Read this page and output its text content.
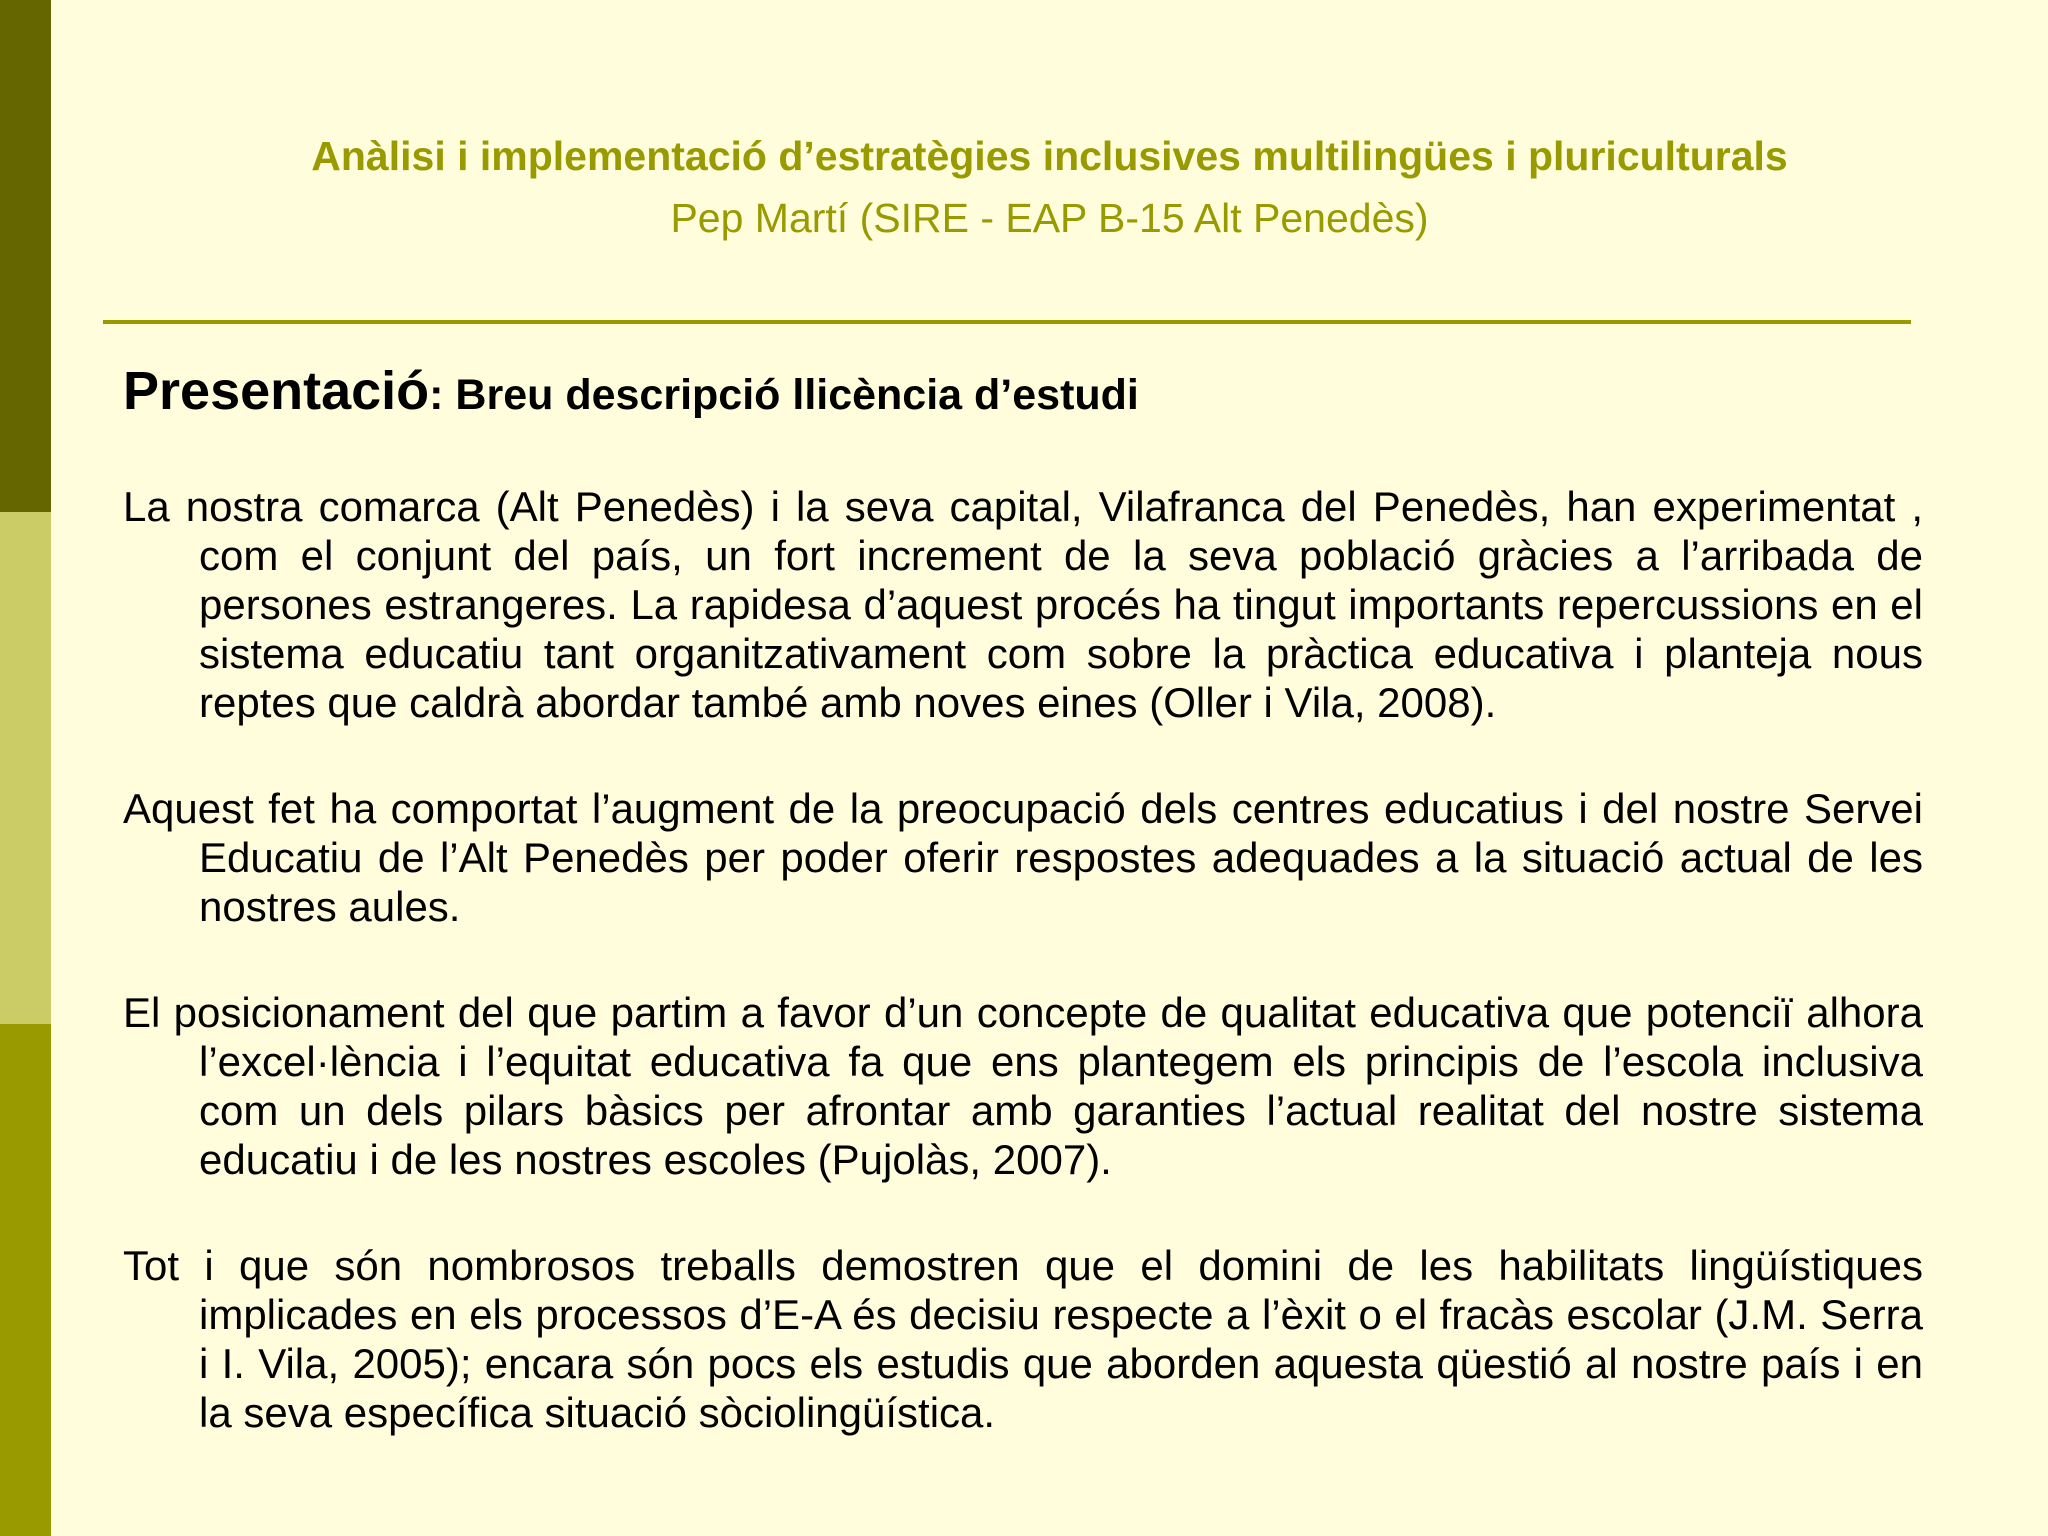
Anàlisi i implementació d’estratègies inclusives multilingües i pluriculturals
Pep Martí (SIRE - EAP B-15 Alt Penedès)
Presentació: Breu descripció llicència d’estudi

La nostra comarca (Alt Penedès) i la seva capital, Vilafranca del Penedès, han experimentat , com el conjunt del país, un fort increment de la seva població gràcies a l’arribada de persones estrangeres. La rapidesa d’aquest procés ha tingut importants repercussions en el sistema educatiu tant organitzativament com sobre la pràctica educativa i planteja nous reptes que caldrà abordar també amb noves eines (Oller i Vila, 2008).

Aquest fet ha comportat l’augment de la preocupació dels centres educatius i del nostre Servei Educatiu de l’Alt Penedès per poder oferir respostes adequades a la situació actual de les nostres aules.

El posicionament del que partim a favor d’un concepte de qualitat educativa que potenciï alhora l’excel·lència i l’equitat educativa fa que ens plantegem els principis de l’escola inclusiva com un dels pilars bàsics per afrontar amb garanties l’actual realitat del nostre sistema educatiu i de les nostres escoles (Pujolàs, 2007).

Tot i que són nombrosos treballs demostren que el domini de les habilitats lingüístiques implicades en els processos d’E-A és decisiu respecte a l’èxit o el fracàs escolar (J.M. Serra i I. Vila, 2005); encara són pocs els estudis que aborden aquesta qüestió al nostre país i en la seva específica situació sòciolingüística.
